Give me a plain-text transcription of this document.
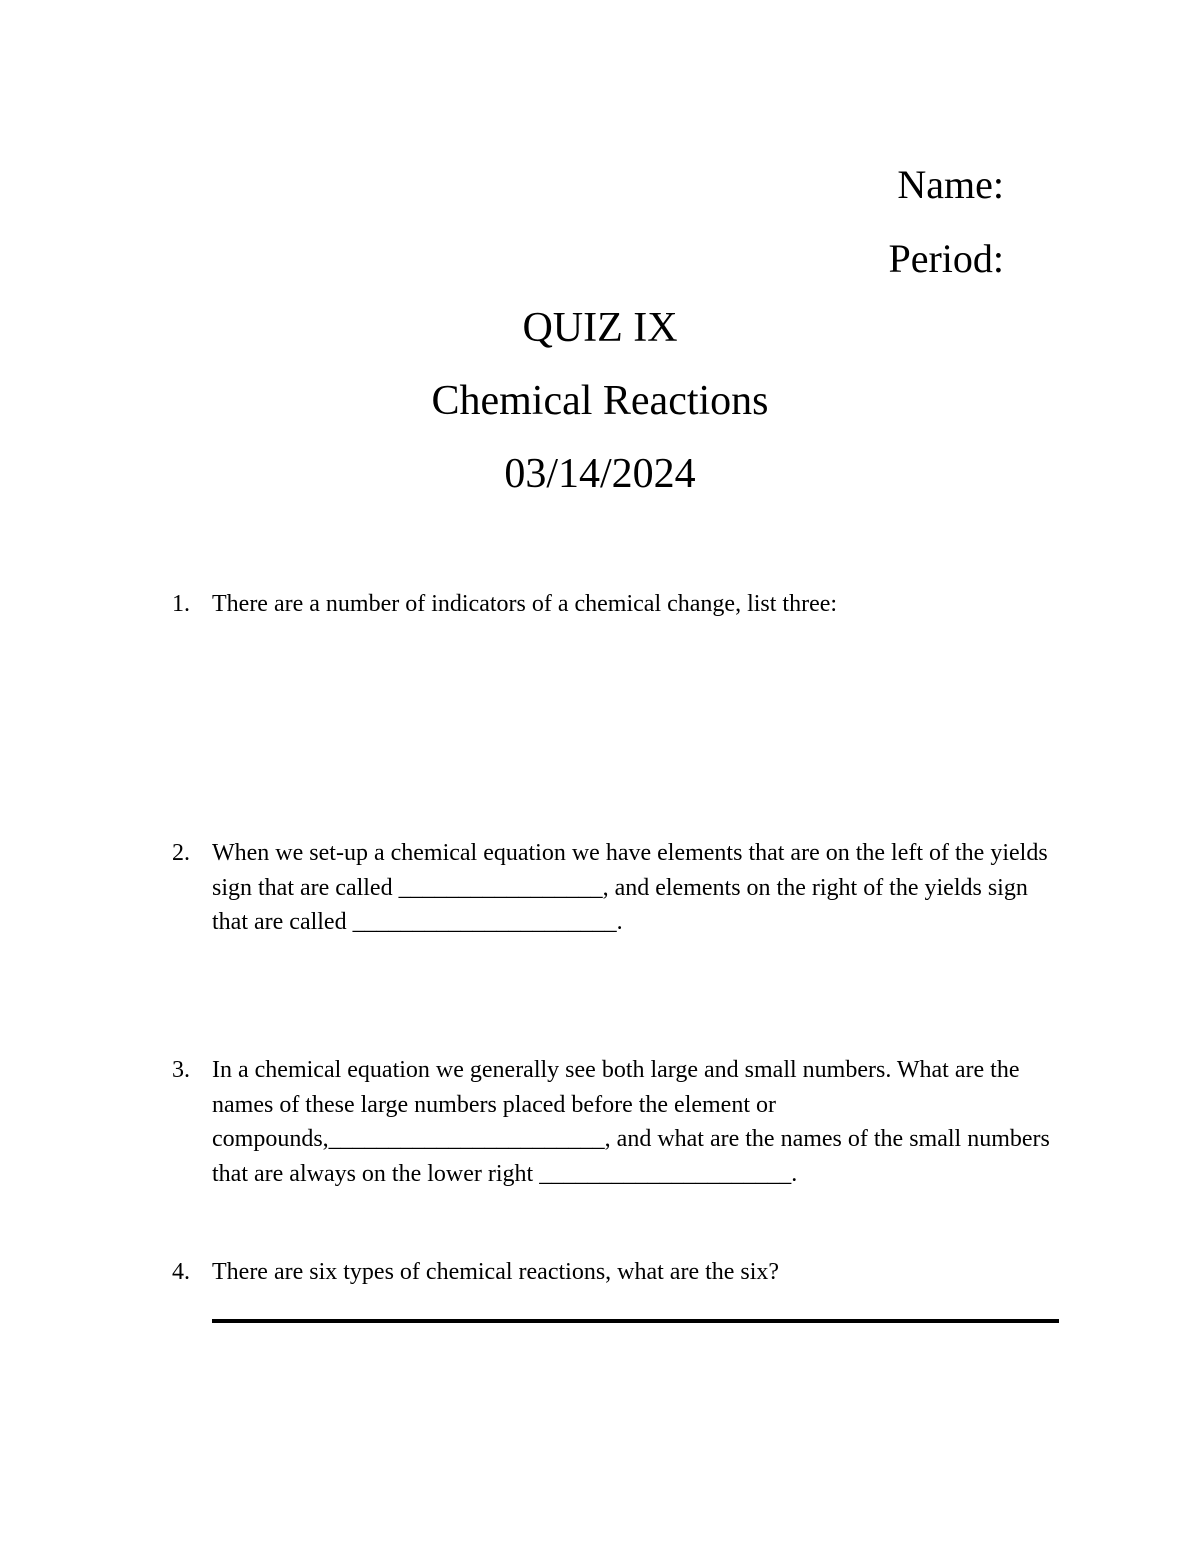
Name:
Period:
QUIZ IX
Chemical Reactions
03/14/2024
1. There are a number of indicators of a chemical change, list three:
2. When we set-up a chemical equation we have elements that are on the left of the yields sign that are called _________________, and elements on the right of the yields sign that are called ______________________.
3. In a chemical equation we generally see both large and small numbers. What are the names of these large numbers placed before the element or compounds,_______________________, and what are the names of the small numbers that are always on the lower right _____________________.
4. There are six types of chemical reactions, what are the six?
